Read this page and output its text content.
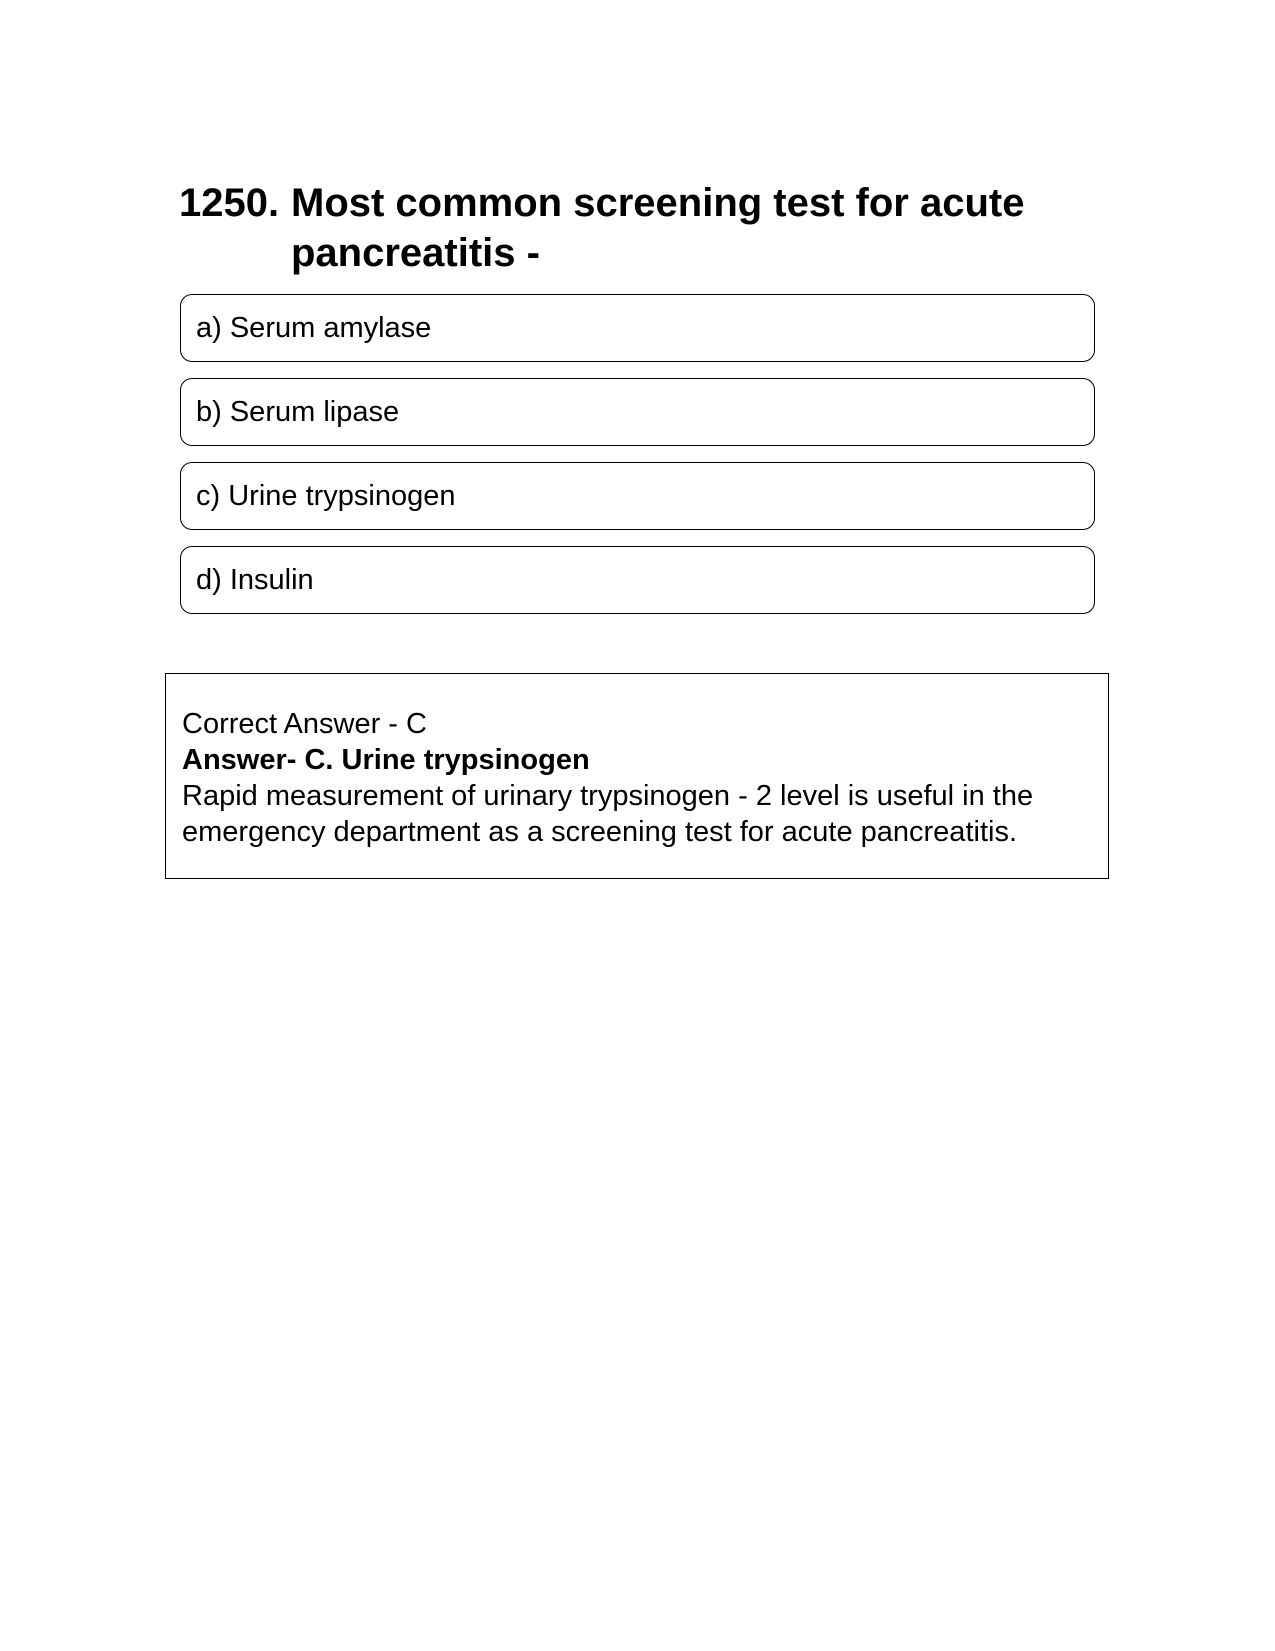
1250. Most common screening test for acute pancreatitis -
a) Serum amylase
b) Serum lipase
c) Urine trypsinogen
d) Insulin
Correct Answer - C
Answer- C. Urine trypsinogen
Rapid measurement of urinary trypsinogen - 2 level is useful in the emergency department as a screening test for acute pancreatitis.
